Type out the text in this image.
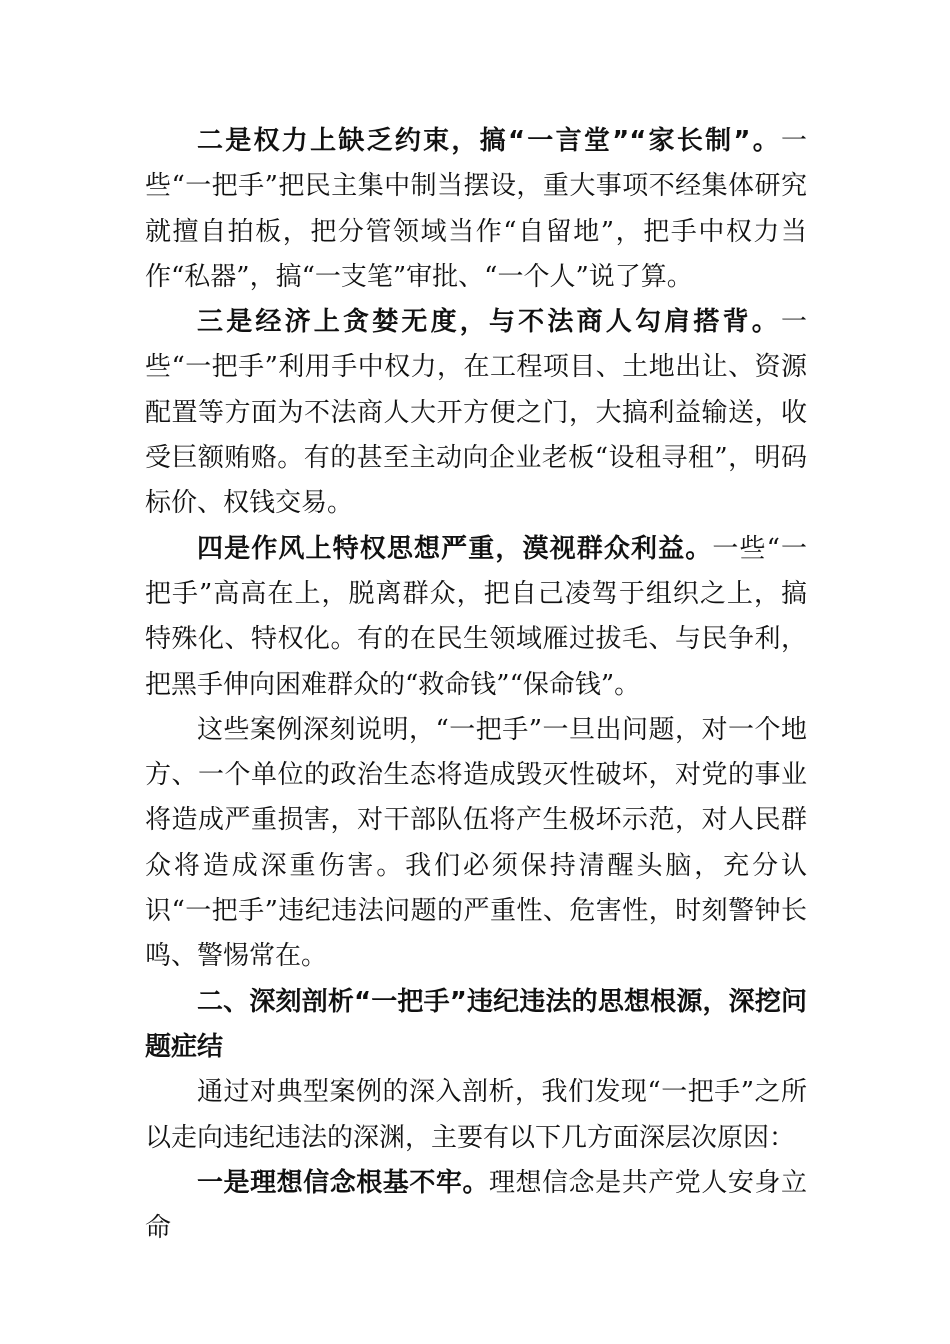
二是权力上缺乏约束，搞“一言堂”“家长制”。一些“一把手”把民主集中制当摆设，重大事项不经集体研究就擅自拍板，把分管领域当作“自留地”，把手中权力当作“私器”，搞“一支笔”审批、“一个人”说了算。

三是经济上贪婪无度，与不法商人勾肩搭背。一些“一把手”利用手中权力，在工程项目、土地出让、资源配置等方面为不法商人大开方便之门，大搞利益输送，收受巨额贿赂。有的甚至主动向企业老板“设租寻租”，明码标价、权钱交易。

四是作风上特权思想严重，漠视群众利益。一些“一把手”高高在上，脱离群众，把自己凌驾于组织之上，搞特殊化、特权化。有的在民生领域雁过拔毛、与民争利，把黑手伸向困难群众的“救命钱”“保命钱”。

这些案例深刻说明，“一把手”一旦出问题，对一个地方、一个单位的政治生态将造成毁灭性破坏，对党的事业将造成严重损害，对干部队伍将产生极坏示范，对人民群众将造成深重伤害。我们必须保持清醒头脑，充分认识“一把手”违纪违法问题的严重性、危害性，时刻警钟长鸣、警惕常在。

二、深刻剖析“一把手”违纪违法的思想根源，深挖问题症结

通过对典型案例的深入剖析，我们发现“一把手”之所以走向违纪违法的深渊，主要有以下几方面深层次原因：

一是理想信念根基不牢。理想信念是共产党人安身立命
